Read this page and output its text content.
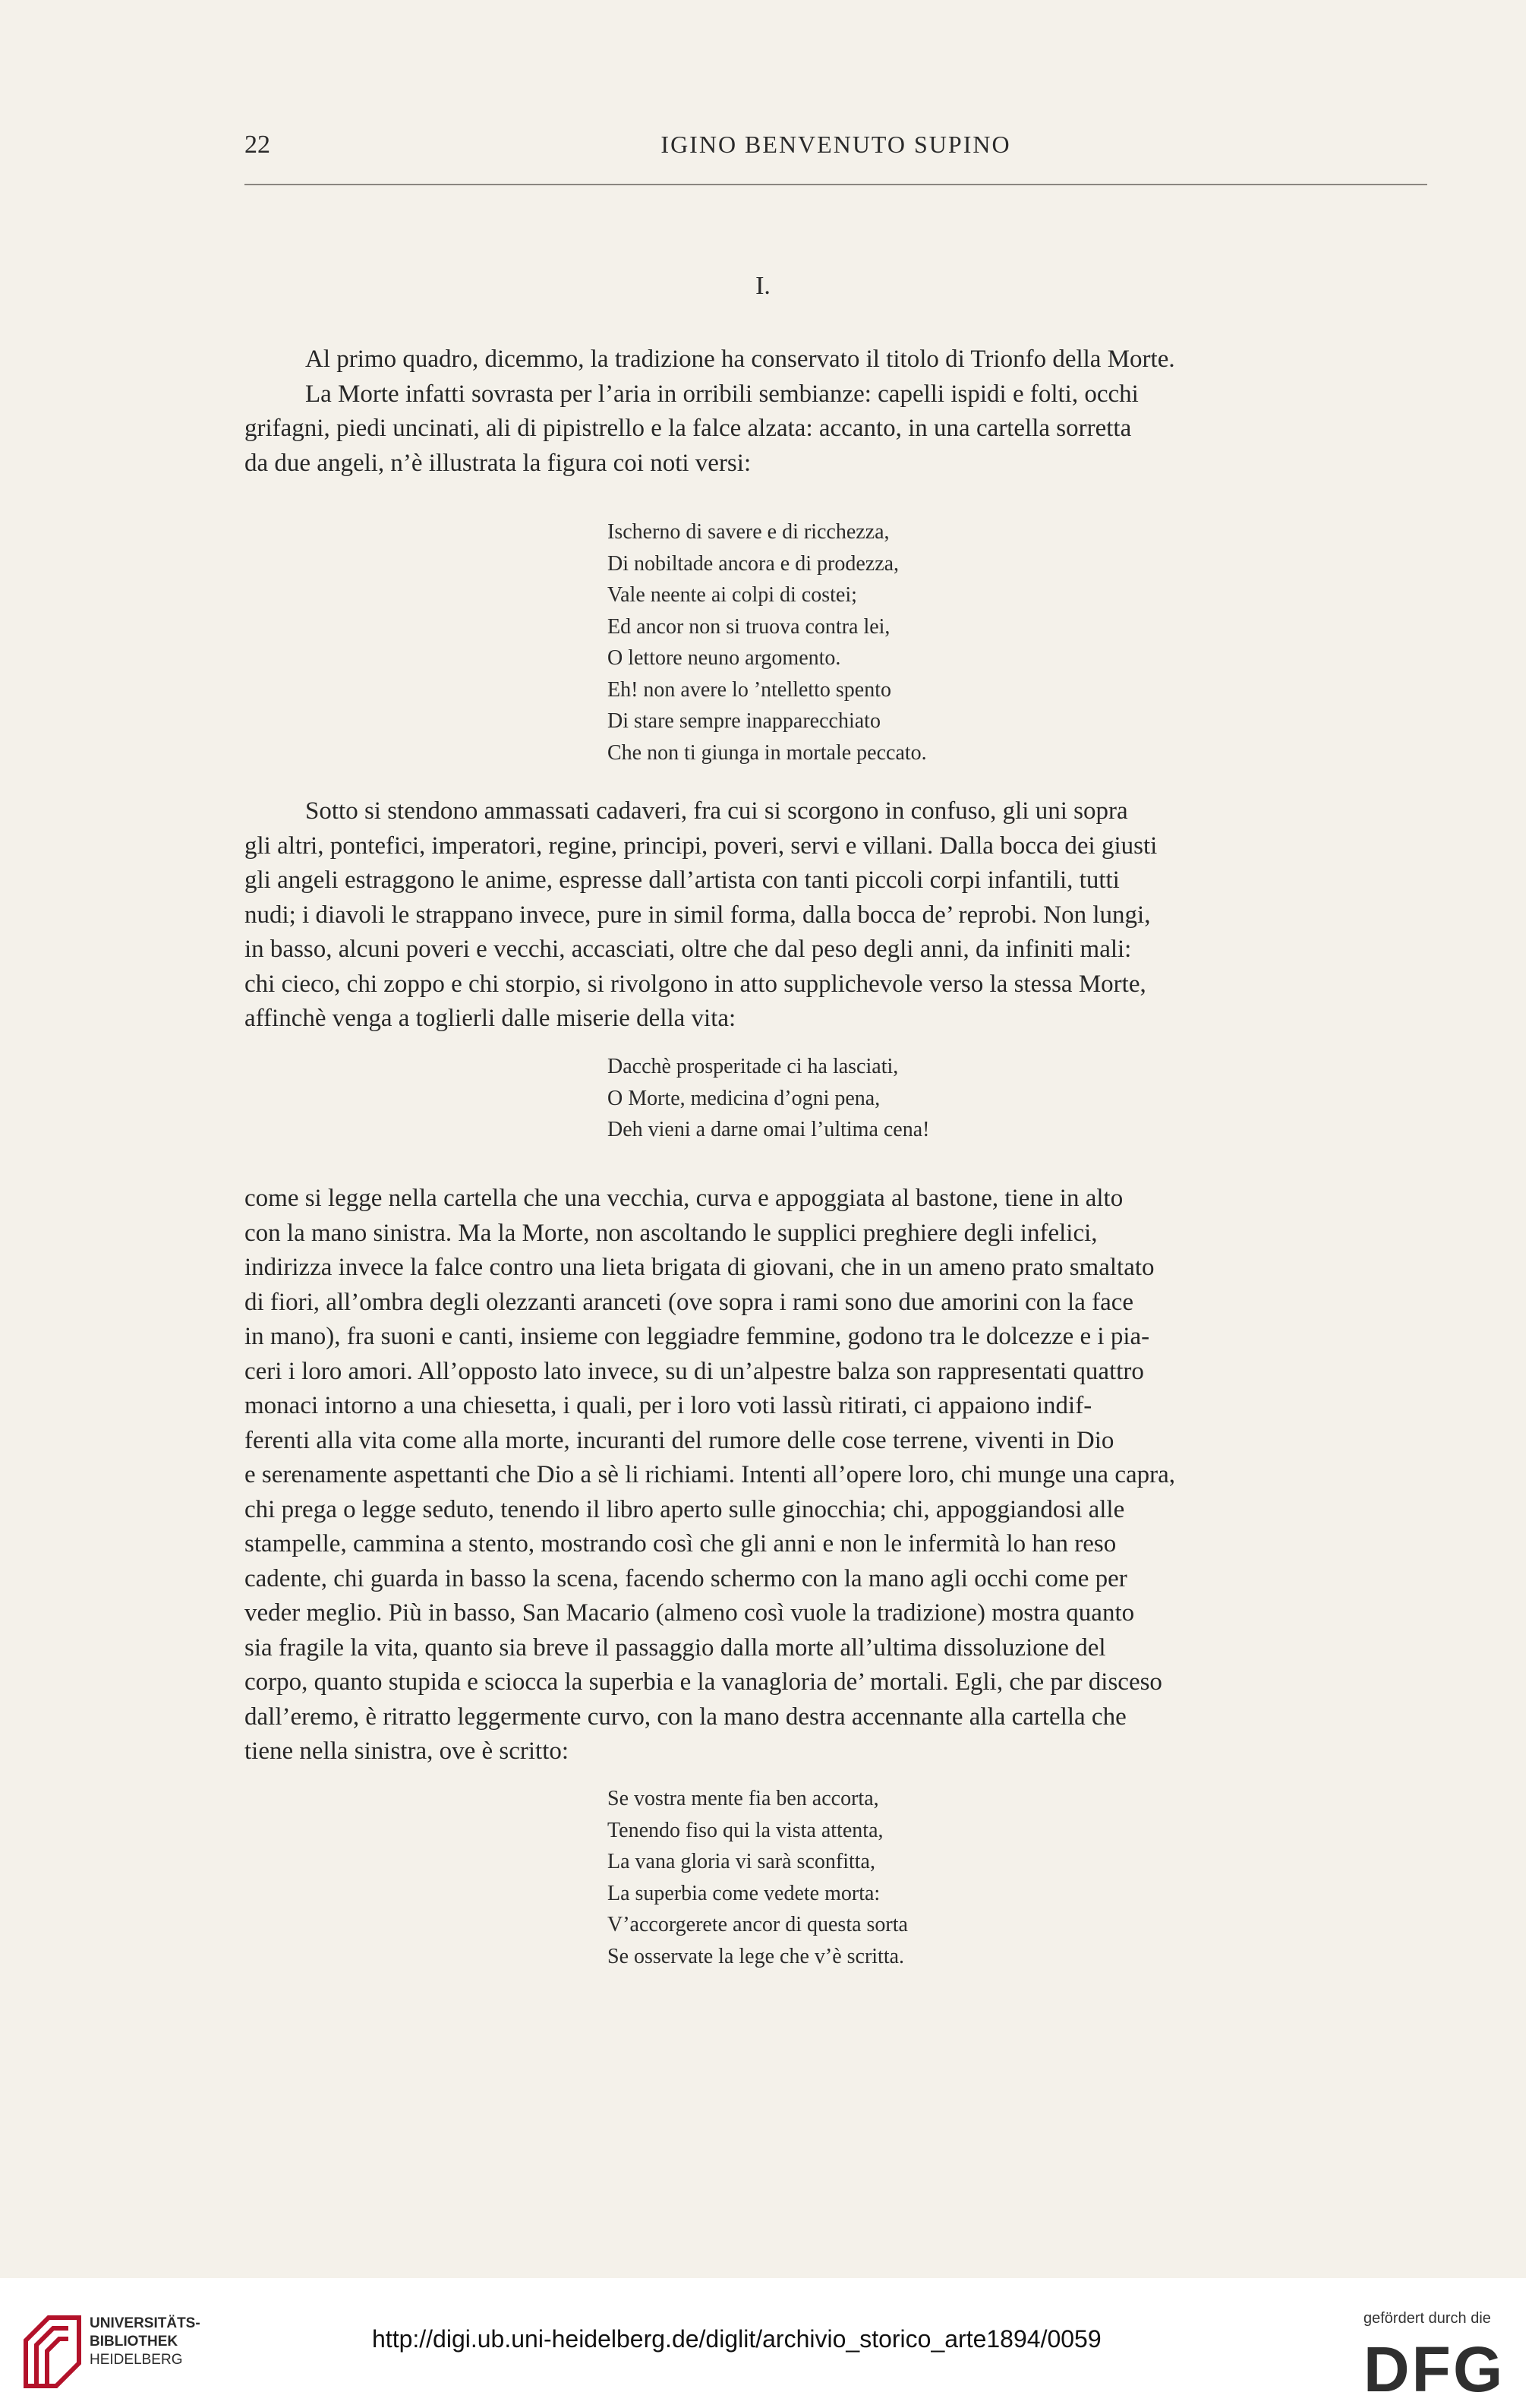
22	IGINO BENVENUTO SUPINO
I.

Al primo quadro, dicemmo, la tradizione ha conservato il titolo di Trionfo della Morte.

La Morte infatti sovrasta per l’aria in orribili sembianze: capelli ispidi e folti, occhi

grifagni, piedi uncinati, ali di pipistrello e la falce alzata: accanto, in una cartella sorretta

da due angeli, n’è illustrata la figura coi noti versi:

Ischerno di savere e di ricchezza,
Di nobiltade ancora e di prodezza,
Vale neente ai colpi di costei;
Ed ancor non si truova contra lei,
O lettore neuno argomento.
Eh! non avere lo ’ntelletto spento
Di stare sempre inapparecchiato
Che non ti giunga in mortale peccato.

Sotto si stendono ammassati cadaveri, fra cui si scorgono in confuso, gli uni sopra

gli altri, pontefici, imperatori, regine, principi, poveri, servi e villani. Dalla bocca dei giusti

gli angeli estraggono le anime, espresse dall’artista con tanti piccoli corpi infantili, tutti

nudi; i diavoli le strappano invece, pure in simil forma, dalla bocca de’ reprobi. Non lungi,

in basso, alcuni poveri e vecchi, accasciati, oltre che dal peso degli anni, da infiniti mali:

chi cieco, chi zoppo e chi storpio, si rivolgono in atto supplichevole verso la stessa Morte,

affinchè venga a toglierli dalle miserie della vita:

Dacchè prosperitade ci ha lasciati,
O Morte, medicina d’ogni pena,
Deh vieni a darne omai l’ultima cena!

come si legge nella cartella che una vecchia, curva e appoggiata al bastone, tiene in alto

con la mano sinistra. Ma la Morte, non ascoltando le supplici preghiere degli infelici,

indirizza invece la falce contro una lieta brigata di giovani, che in un ameno prato smaltato

di fiori, all’ombra degli olezzanti aranceti (ove sopra i rami sono due amorini con la face

in mano), fra suoni e canti, insieme con leggiadre femmine, godono tra le dolcezze e i pia-

ceri i loro amori. All’opposto lato invece, su di un’alpestre balza son rappresentati quattro

monaci intorno a una chiesetta, i quali, per i loro voti lassù ritirati, ci appaiono indif-

ferenti alla vita come alla morte, incuranti del rumore delle cose terrene, viventi in Dio

e serenamente aspettanti che Dio a sè li richiami. Intenti all’opere loro, chi munge una capra,

chi prega o legge seduto, tenendo il libro aperto sulle ginocchia; chi, appoggiandosi alle

stampelle, cammina a stento, mostrando così che gli anni e non le infermità lo han reso

cadente, chi guarda in basso la scena, facendo schermo con la mano agli occhi come per

veder meglio. Più in basso, San Macario (almeno così vuole la tradizione) mostra quanto

sia fragile la vita, quanto sia breve il passaggio dalla morte all’ultima dissoluzione del

corpo, quanto stupida e sciocca la superbia e la vanagloria de’ mortali. Egli, che par disceso

dall’eremo, è ritratto leggermente curvo, con la mano destra accennante alla cartella che

tiene nella sinistra, ove è scritto:

Se vostra mente fia ben accorta,
Tenendo fiso qui la vista attenta,
La vana gloria vi sarà sconfitta,
La superbia come vedete morta:
V’accorgerete ancor di questa sorta
Se osservate la lege che v’è scritta.
UNIVERSITÄTS-
BIBLIOTHEK
HEIDELBERG
http://digi.ub.uni-heidelberg.de/diglit/archivio_storico_arte1894/0059
gefördert durch die
DFG
